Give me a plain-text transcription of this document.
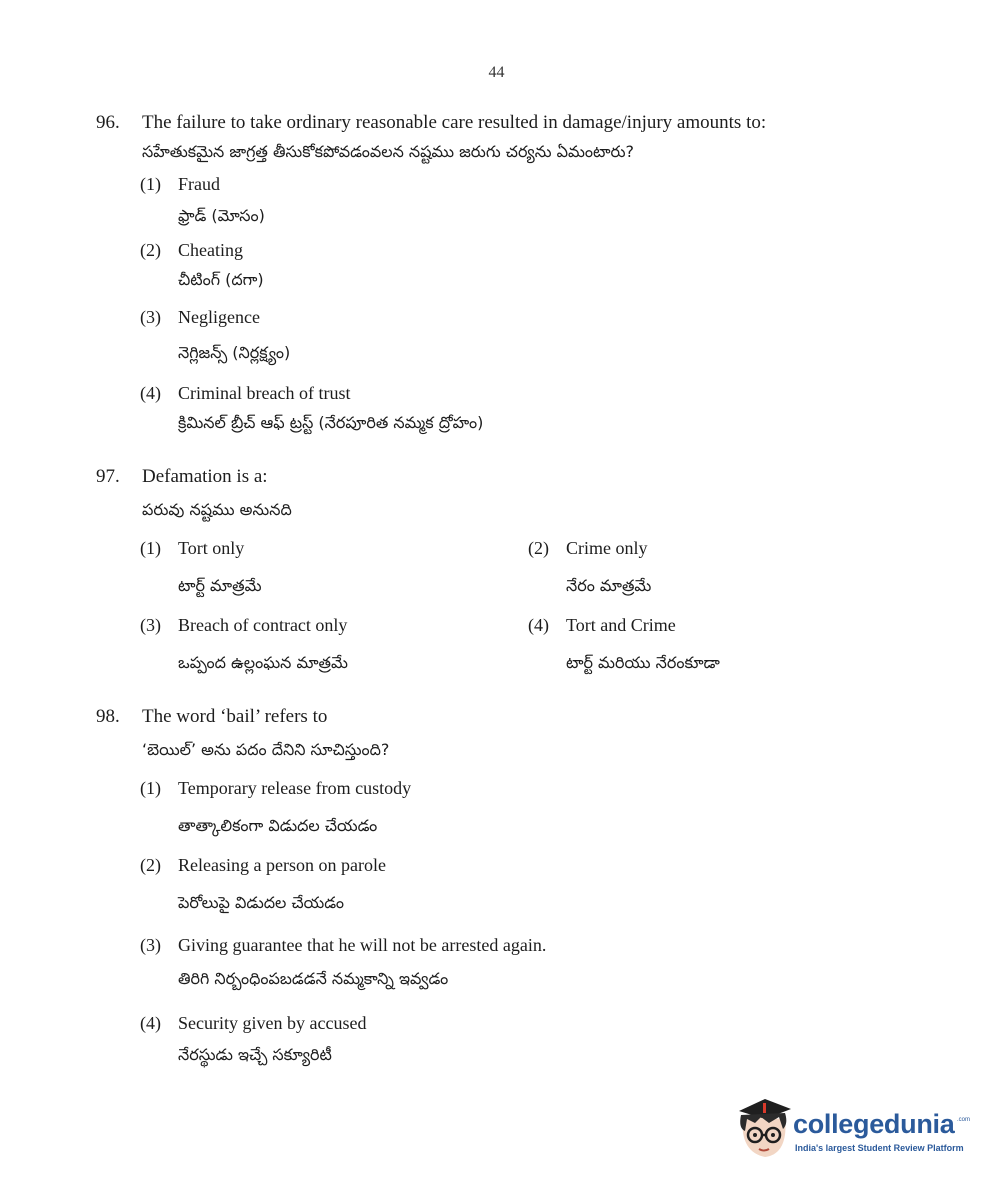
44
96. The failure to take ordinary reasonable care resulted in damage/injury amounts to:
సహేతుకమైన జాగ్రత్త తీసుకోకపోవడంవలన నష్టము జరుగు చర్యను ఏమంటారు?
(1) Fraud
ఫ్రాడ్ (మోసం)
(2) Cheating
చీటింగ్ (దగా)
(3) Negligence
నెగ్లిజన్స్ (నిర్లక్ష్యం)
(4) Criminal breach of trust
క్రిమినల్ బ్రీచ్ ఆఫ్ ట్రస్ట్ (నేరపూరిత నమ్మక ద్రోహం)
97. Defamation is a:
పరువు నష్టము అనునది
(1) Tort only
టార్ట్ మాత్రమే
(2) Crime only
నేరం మాత్రమే
(3) Breach of contract only
ఒప్పంద ఉల్లంఘన మాత్రమే
(4) Tort and Crime
టార్ట్ మరియు నేరంకూడా
98. The word ‘bail’ refers to
‘బెయిల్’ అను పదం దేనిని సూచిస్తుంది?
(1) Temporary release from custody
తాత్కాలికంగా విడుదల చేయడం
(2) Releasing a person on parole
పెరోలుపై విడుదల చేయడం
(3) Giving guarantee that he will not be arrested again.
తిరిగి నిర్బంధింపబడడనే నమ్మకాన్ని ఇవ్వడం
(4) Security given by accused
నేరస్థుడు ఇచ్చే సక్యూరిటీ
collegedunia .com
India's largest Student Review Platform
